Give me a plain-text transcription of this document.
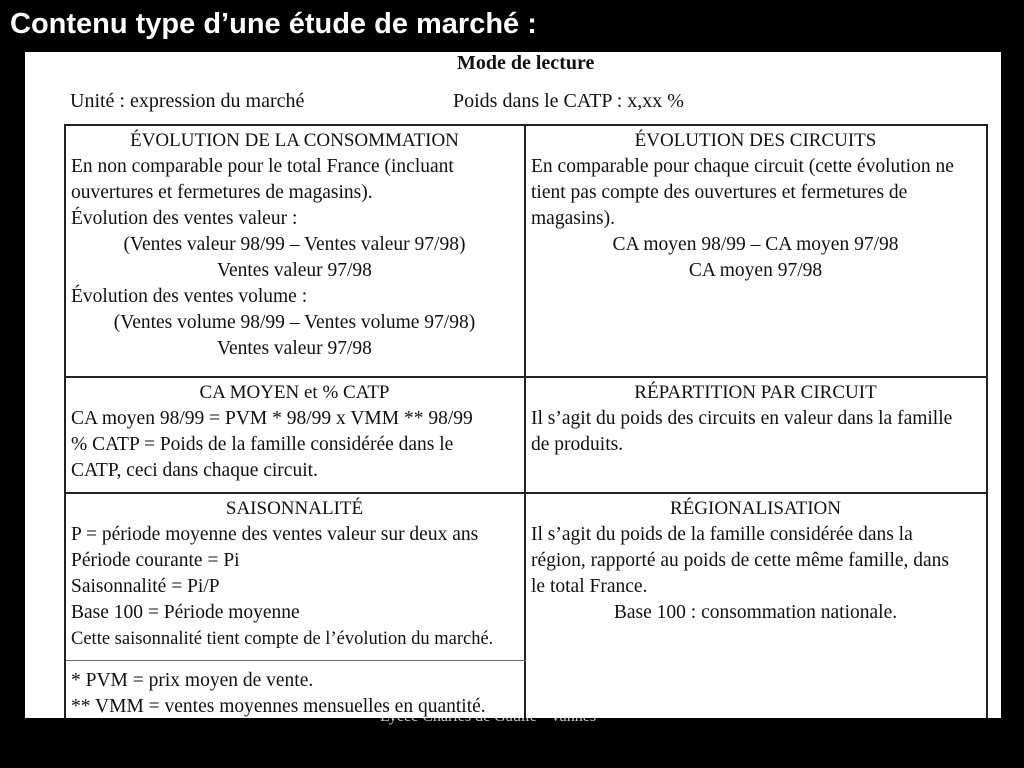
Contenu type d’une étude de marché :
Mode de lecture
Unité : expression du marché	Poids dans le CATP : x,xx %
ÉVOLUTION DE LA CONSOMMATION
En non comparable pour le total France (incluant
ouvertures et fermetures de magasins).
Évolution des ventes valeur :
(Ventes valeur 98/99 – Ventes valeur 97/98)
Ventes valeur 97/98
Évolution des ventes volume :
(Ventes volume 98/99 – Ventes volume 97/98)
Ventes valeur 97/98
ÉVOLUTION DES CIRCUITS
En comparable pour chaque circuit (cette évolution ne
tient pas compte des ouvertures et fermetures de
magasins).
CA moyen 98/99 – CA moyen 97/98
CA moyen 97/98
CA MOYEN et % CATP
CA moyen 98/99 = PVM * 98/99 x VMM ** 98/99
% CATP = Poids de la famille considérée dans le
CATP, ceci dans chaque circuit.
RÉPARTITION PAR CIRCUIT
Il s’agit du poids des circuits en valeur dans la famille
de produits.
SAISONNALITÉ
P = période moyenne des ventes valeur sur deux ans
Période courante = Pi
Saisonnalité = Pi/P
Base 100 = Période moyenne
Cette saisonnalité tient compte de l’évolution du marché.
RÉGIONALISATION
Il s’agit du poids de la famille considérée dans la
région, rapporté au poids de cette même famille, dans
le total France.
Base 100 : consommation nationale.
* PVM = prix moyen de vente.
** VMM = ventes moyennes mensuelles en quantité.
